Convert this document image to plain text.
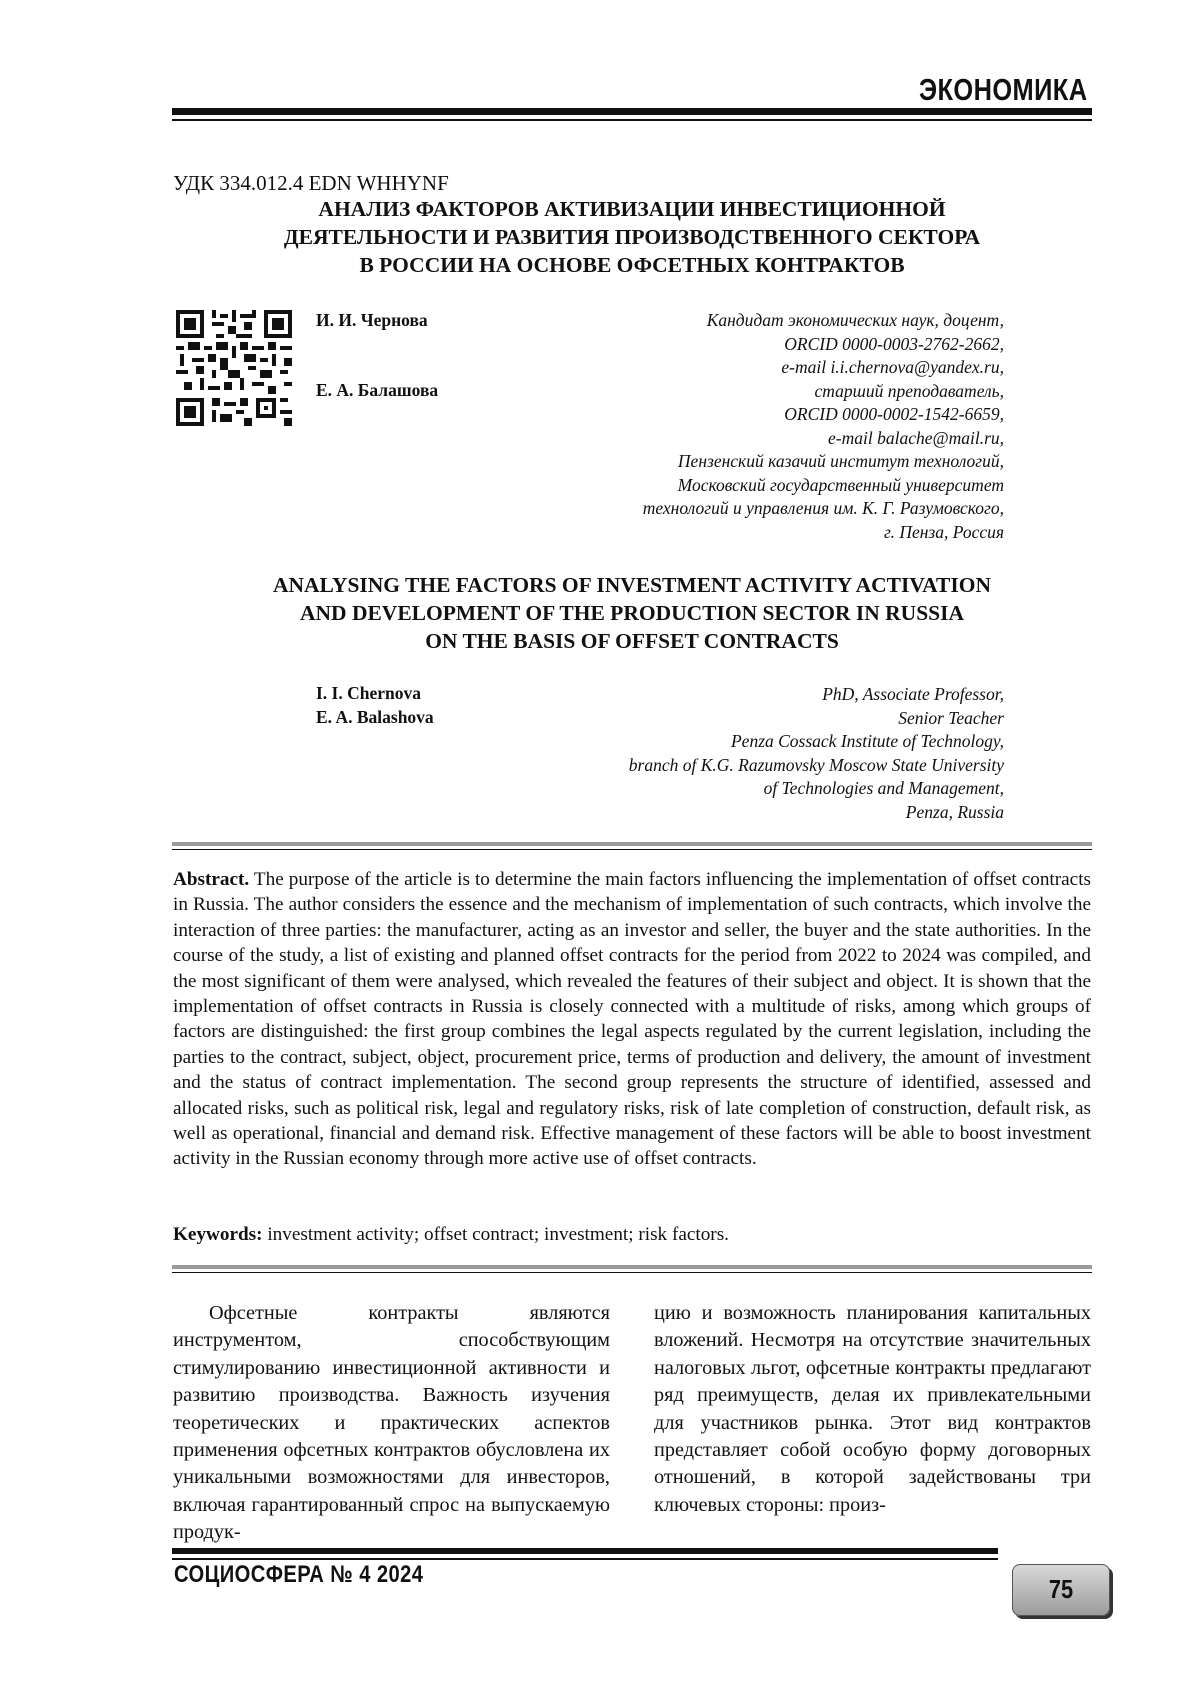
ЭКОНОМИКА
УДК 334.012.4 EDN WHHYNF
АНАЛИЗ ФАКТОРОВ АКТИВИЗАЦИИ ИНВЕСТИЦИОННОЙ
ДЕЯТЕЛЬНОСТИ И РАЗВИТИЯ ПРОИЗВОДСТВЕННОГО СЕКТОРА
В РОССИИ НА ОСНОВЕ ОФСЕТНЫХ КОНТРАКТОВ
И. И. Чернова
Е. А. Балашова
Кандидат экономических наук, доцент,
ORCID 0000-0003-2762-2662,
e-mail i.i.chernova@yandex.ru,
старший преподаватель,
ORCID 0000-0002-1542-6659,
e-mail balache@mail.ru,
Пензенский казачий институт технологий,
Московский государственный университет
технологий и управления им. К. Г. Разумовского,
г. Пенза, Россия
ANALYSING THE FACTORS OF INVESTMENT ACTIVITY ACTIVATION
AND DEVELOPMENT OF THE PRODUCTION SECTOR IN RUSSIA
ON THE BASIS OF OFFSET CONTRACTS
I. I. Chernova
E. A. Balashova
PhD, Associate Professor,
Senior Teacher
Penza Cossack Institute of Technology,
branch of K.G. Razumovsky Moscow State University
of Technologies and Management,
Penza, Russia

Abstract. The purpose of the article is to determine the main factors influencing the implementation of offset contracts in Russia. The author considers the essence and the mechanism of implementation of such contracts, which involve the interaction of three parties: the manufacturer, acting as an investor and seller, the buyer and the state authorities. In the course of the study, a list of existing and planned offset contracts for the period from 2022 to 2024 was compiled, and the most significant of them were analysed, which revealed the features of their subject and object. It is shown that the implementation of offset contracts in Russia is closely connected with a multitude of risks, among which groups of factors are distinguished: the first group combines the legal aspects regulated by the current legislation, including the parties to the contract, subject, object, procurement price, terms of production and delivery, the amount of investment and the status of contract implementation. The second group represents the structure of identified, assessed and allocated risks, such as political risk, legal and regulatory risks, risk of late completion of construction, default risk, as well as operational, financial and demand risk. Effective management of these factors will be able to boost investment activity in the Russian economy through more active use of offset contracts.

Keywords: investment activity; offset contract; investment; risk factors.

Офсетные контракты являются инструментом, способствующим стимулированию инвестиционной активности и развитию производства. Важность изучения теоретических и практических аспектов применения офсетных контрактов обусловлена их уникальными возможностями для инвесторов, включая гарантированный спрос на выпускаемую продук-

цию и возможность планирования капитальных вложений. Несмотря на отсутствие значительных налоговых льгот, офсетные контракты предлагают ряд преимуществ, делая их привлекательными для участников рынка. Этот вид контрактов представляет собой особую форму договорных отношений, в которой задействованы три ключевых стороны: произ-

СОЦИОСФЕРА № 4 2024	75
